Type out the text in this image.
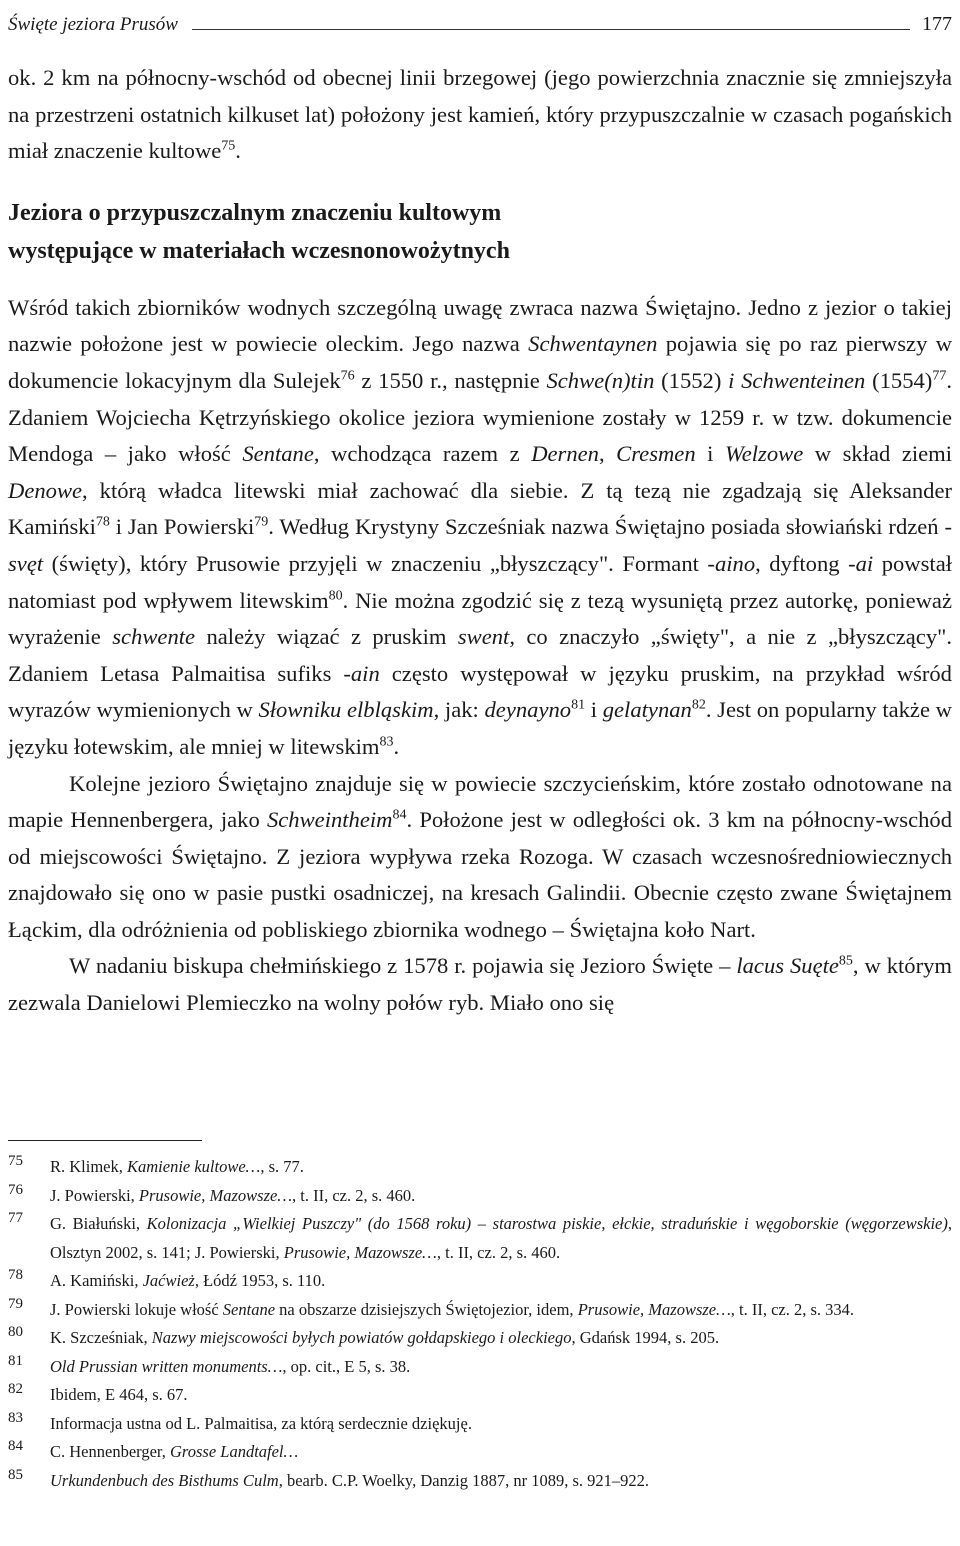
Święte jeziora Prusów	177

ok. 2 km na północny-wschód od obecnej linii brzegowej (jego powierzchnia znacznie się zmniejszyła na przestrzeni ostatnich kilkuset lat) położony jest kamień, który przypuszczalnie w czasach pogańskich miał znaczenie kultowe$^{75}$.

Jeziora o przypuszczalnym znaczeniu kultowym
występujące w materiałach wczesnonowożytnych

Wśród takich zbiorników wodnych szczególną uwagę zwraca nazwa Świętajno. Jedno z jezior o takiej nazwie położone jest w powiecie oleckim. Jego nazwa Schwentaynen pojawia się po raz pierwszy w dokumencie lokacyjnym dla Sulejek$^{76}$ z 1550 r., następnie Schwe(n)tin (1552) i Schwenteinen $(1554)^{77}$. Zdaniem Wojciecha Kętrzyńskiego okolice jeziora wymienione zostały w 1259 r. w tzw. dokumencie Mendoga – jako włość Sentane, wchodząca razem z Dernen, Cresmen i Welzowe w skład ziemi Denowe, którą władca litewski miał zachować dla siebie. Z tą tezą nie zgadzają się Aleksander Kamiński$^{78}$ i Jan Powierski$^{79}$. Według Krystyny Szcześniak nazwa Świętajno posiada słowiański rdzeń -svęt (święty), który Prusowie przyjęli w znaczeniu „błyszczący". Formant -aino, dyftong -ai powstał natomiast pod wpływem litewskim$^{80}$. Nie można zgodzić się z tezą wysuniętą przez autorkę, ponieważ wyrażenie schwente należy wiązać z pruskim swent, co znaczyło „święty", a nie z „błyszczący". Zdaniem Letasa Palmaitisa sufiks -ain często występował w języku pruskim, na przykład wśród wyrazów wymienionych w Słowniku elbląskim, jak: deynayno$^{81}$ i gelatynan$^{82}$. Jest on popularny także w języku łotewskim, ale mniej w litewskim$^{83}$.

Kolejne jezioro Świętajno znajduje się w powiecie szczycieńskim, które zostało odnotowane na mapie Hennenbergera, jako Schweintheim$^{84}$. Położone jest w odległości ok. 3 km na północny-wschód od miejscowości Świętajno. Z jeziora wypływa rzeka Rozoga. W czasach wczesnośredniowiecznych znajdowało się ono w pasie pustki osadniczej, na kresach Galindii. Obecnie często zwane Świętajnem Łąckim, dla odróżnienia od pobliskiego zbiornika wodnego – Świętajna koło Nart.

W nadaniu biskupa chełmińskiego z 1578 r. pojawia się Jezioro Święte – lacus Suęte$^{85}$, w którym zezwala Danielowi Plemieczko na wolny połów ryb. Miało ono się

75	R. Klimek, Kamienie kultowe…, s. 77.
76	J. Powierski, Prusowie, Mazowsze…, t. II, cz. 2, s. 460.
77	G. Białuński, Kolonizacja „Wielkiej Puszczy" (do 1568 roku) – starostwa piskie, ełckie, straduńskie i węgoborskie (węgorzewskie), Olsztyn 2002, s. 141; J. Powierski, Prusowie, Mazowsze…, t. II, cz. 2, s. 460.
78	A. Kamiński, Jaćwież, Łódź 1953, s. 110.
79	J. Powierski lokuje włość Sentane na obszarze dzisiejszych Świętojezior, idem, Prusowie, Mazowsze…, t. II, cz. 2, s. 334.
80	K. Szcześniak, Nazwy miejscowości byłych powiatów gołdapskiego i oleckiego, Gdańsk 1994, s. 205.
81	Old Prussian written monuments…, op. cit., E 5, s. 38.
82	Ibidem, E 464, s. 67.
83	Informacja ustna od L. Palmaitisa, za którą serdecznie dziękuję.
84	C. Hennenberger, Grosse Landtafel…
85	Urkundenbuch des Bisthums Culm, bearb. C.P. Woelky, Danzig 1887, nr 1089, s. 921–922.
